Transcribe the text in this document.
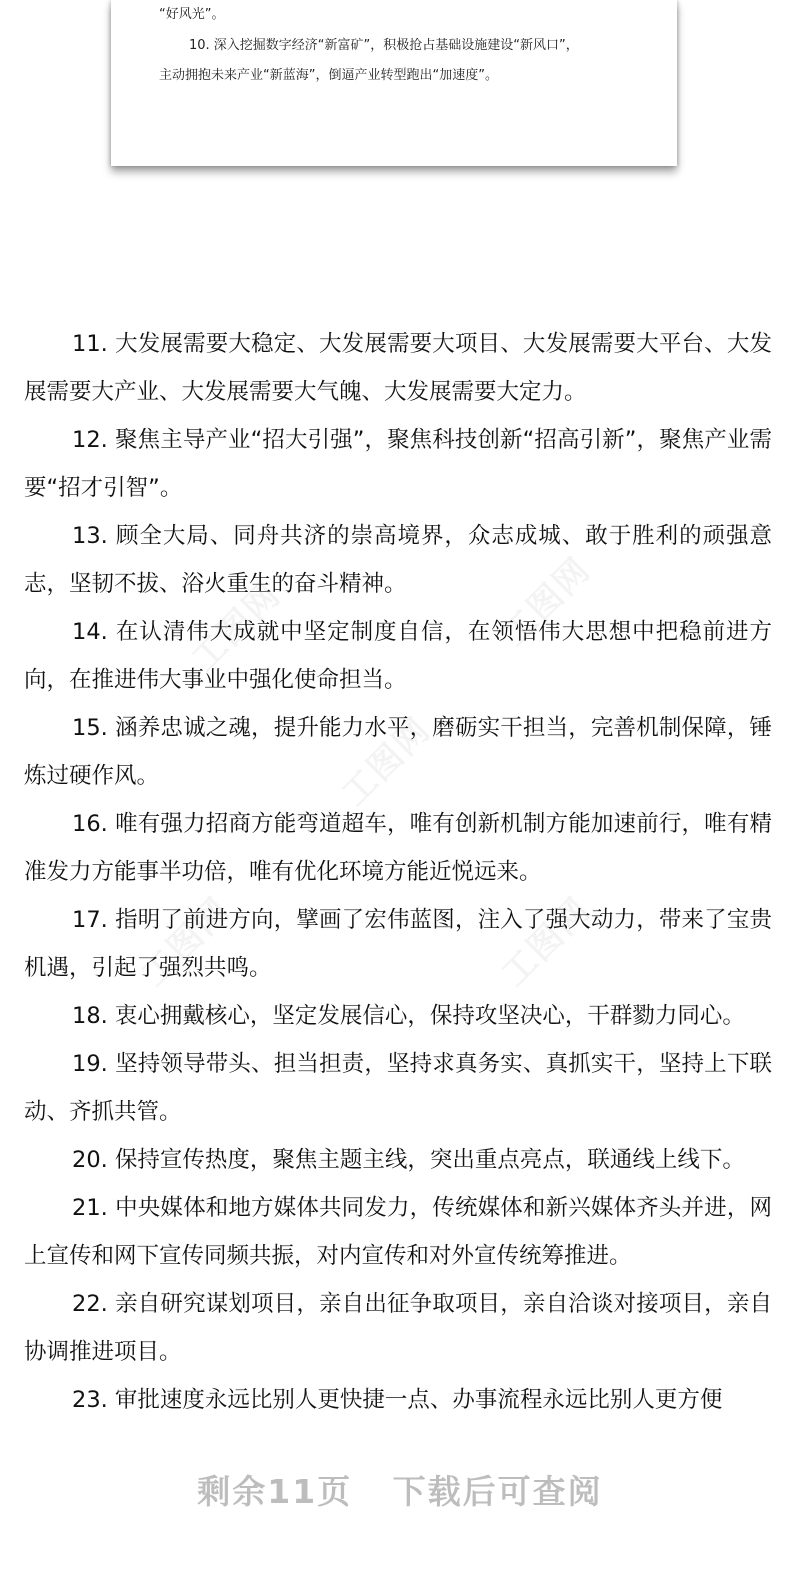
“好风光”。
10. 深入挖掘数字经济“新富矿”，积极抢占基础设施建设“新风口”，
主动拥抱未来产业“新蓝海”，倒逼产业转型跑出“加速度”。

11. 大发展需要大稳定、大发展需要大项目、大发展需要大平台、大发展需要大产业、大发展需要大气魄、大发展需要大定力。

12. 聚焦主导产业“招大引强”，聚焦科技创新“招高引新”，聚焦产业需要“招才引智”。

13. 顾全大局、同舟共济的崇高境界，众志成城、敢于胜利的顽强意志，坚韧不拔、浴火重生的奋斗精神。

14. 在认清伟大成就中坚定制度自信，在领悟伟大思想中把稳前进方向，在推进伟大事业中强化使命担当。

15. 涵养忠诚之魂，提升能力水平，磨砺实干担当，完善机制保障，锤炼过硬作风。

16. 唯有强力招商方能弯道超车，唯有创新机制方能加速前行，唯有精准发力方能事半功倍，唯有优化环境方能近悦远来。

17. 指明了前进方向，擘画了宏伟蓝图，注入了强大动力，带来了宝贵机遇，引起了强烈共鸣。

18. 衷心拥戴核心，坚定发展信心，保持攻坚决心，干群勠力同心。

19. 坚持领导带头、担当担责，坚持求真务实、真抓实干，坚持上下联动、齐抓共管。

20. 保持宣传热度，聚焦主题主线，突出重点亮点，联通线上线下。

21. 中央媒体和地方媒体共同发力，传统媒体和新兴媒体齐头并进，网上宣传和网下宣传同频共振，对内宣传和对外宣传统筹推进。

22. 亲自研究谋划项目，亲自出征争取项目，亲自洽谈对接项目，亲自协调推进项目。

23. 审批速度永远比别人更快捷一点、办事流程永远比别人更方便

剩余11页   下载后可查阅
